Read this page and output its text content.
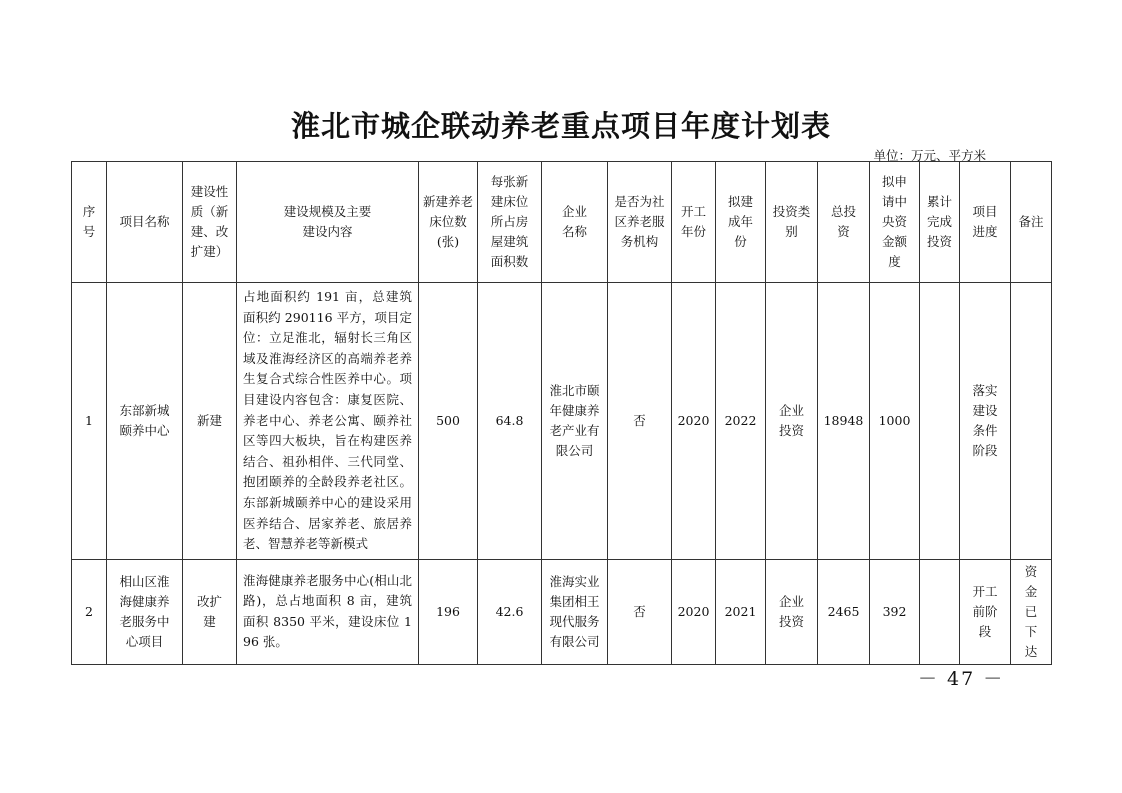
淮北市城企联动养老重点项目年度计划表
单位：万元、平方米
序号	项目名称	建设性质（新建、改扩建）	建设规模及主要建设内容	新建养老床位数(张)	每张新建床位所占房屋建筑面积数	企业名称	是否为社区养老服务机构	开工年份	拟建成年份	投资类别	总投资	拟申请中央资金额度	累计完成投资	项目进度	备注
1	东部新城颐养中心	新建	占地面积约 191 亩，总建筑面积约 290116 平方，项目定位：立足淮北，辐射长三角区域及淮海经济区的高端养老养生复合式综合性医养中心。项目建设内容包含：康复医院、养老中心、养老公寓、颐养社区等四大板块，旨在构建医养结合、祖孙相伴、三代同堂、抱团颐养的全龄段养老社区。东部新城颐养中心的建设采用医养结合、居家养老、旅居养老、智慧养老等新模式	500	64.8	淮北市颐年健康养老产业有限公司	否	2020	2022	企业投资	18948	1000		落实建设条件阶段	
2	相山区淮海健康养老服务中心项目	改扩建	淮海健康养老服务中心(相山北路)，总占地面积 8 亩，建筑面积 8350 平米，建设床位 196 张。	196	42.6	淮海实业集团相王现代服务有限公司	否	2020	2021	企业投资	2465	392		开工前阶段	资金已下达
－ 47 －
